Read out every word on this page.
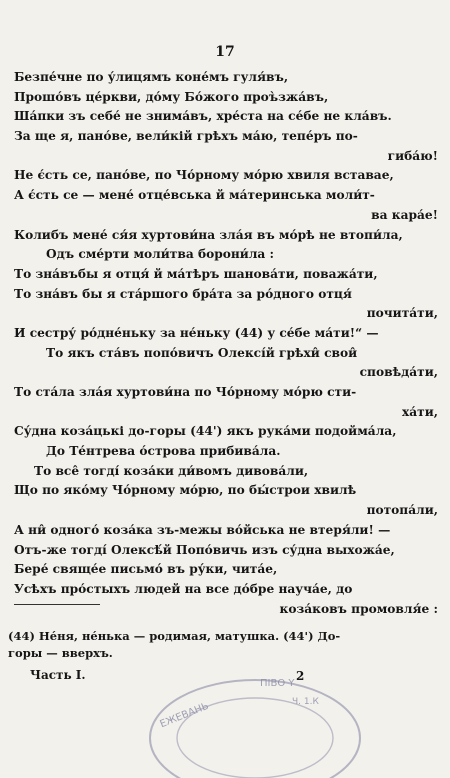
17
Безпе́чне по у́лицямъ коне́мъ гуля́въ,
Прошо́въ це́ркви, до́му Бо́жого проъ̀зжа́въ,
Ша́пки зъ себе́ не знима́въ, хре́ста на се́бе не кла́въ.
За ще я, пано́ве, вели́кій грѣхъ ма́ю, тепе́ръ по-
гиба́ю!
Не є́сть се, пано́ве, по Чо́рному мо́рю хвиля вставае,
А є́сть се — мене́ отце́вська й ма́теринська моли́т-
ва кара́е!
Колибъ мене́ ся́я хуртови́на зла́я въ мо́рѣ не втопи́ла,
Одъ сме́рти моли́тва борони́ла :
То зна́въбы я отця́ й ма́тѣръ шанова́ти, повaжа́ти,
То зна́въ бы я ста́ршого бра́та за ро́дного отця́
почита́ти,
И сестру́ ро́дне́ньку за не́ньку (44) у се́бе ма́ти!“ —
То якъ ста́въ попо́вичъ Олексі́й грѣхи̂ свои̂
сповѣда́ти,
То ста́ла зла́я хуртови́на по Чо́рному мо́рю сти-
ха́ти,
Су́дна коза́цькі до-горы (44') якъ рука́ми подойма́ла,
До Те́нтрева о́строва прибива́ла.
То все̂ тогді́ коза́ки ди́вомъ дивова́ли,
Що по яко́му Чо́рному мо́рю, по бы́строи хвилѣ
потопа́ли,
А ни̂ одного́ коза́ка зъ-межы во́йська не втеря́ли! —
Отъ-же тогді́ Олексѣ́й Попо́вичь изъ су́дна выхожа́е,
Бере́ свяще́е письмо́ въ ру́ки, чита́е,
Усѣхъ про́стыхъ людей на все до́бре науча́е, до
коза́ковъ промовля́е :
(44) Не́ня, не́нька — родимая, матушка. (44') До-
горы — вверхъ.
Часть I.	2
ЕЖЕВАНЬ
ПІВО Y
Ч. 1.К
